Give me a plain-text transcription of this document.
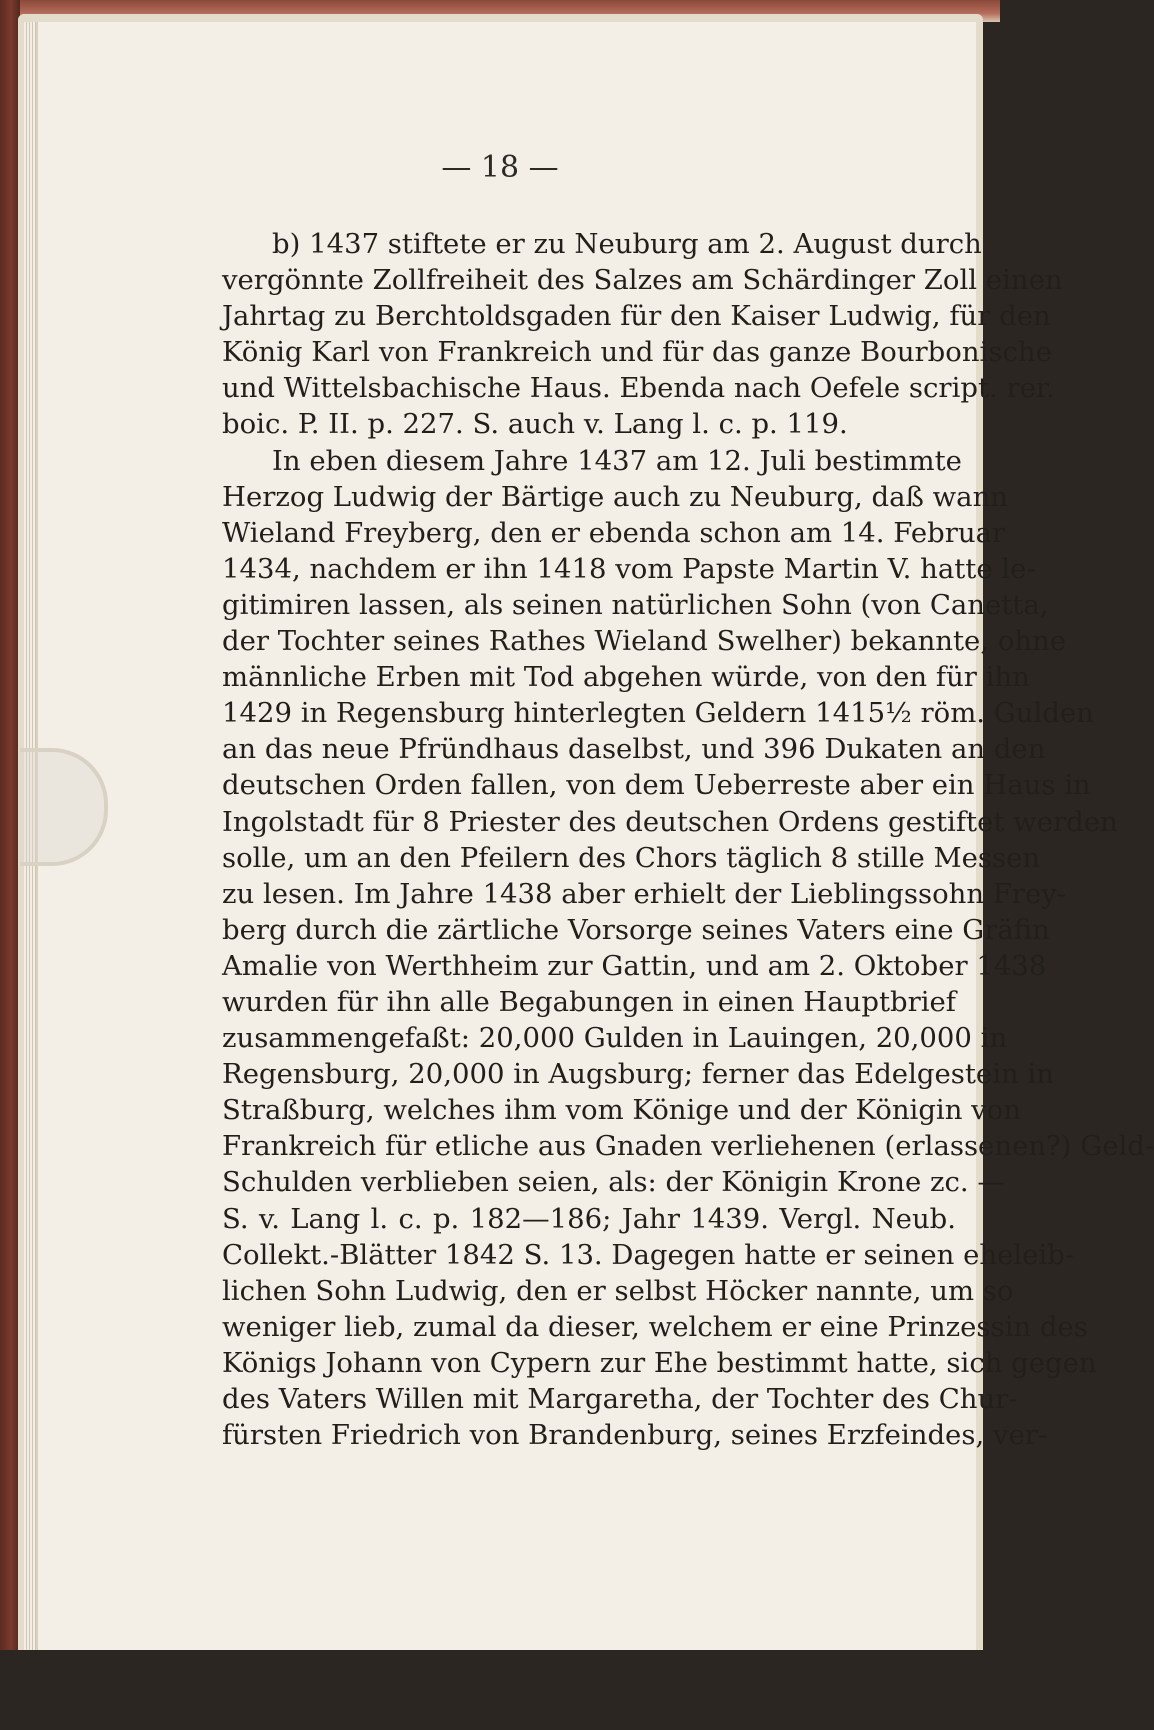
— 18 —
b) 1437 stiftete er zu Neuburg am 2. August durch
vergönnte Zollfreiheit des Salzes am Schärdinger Zoll einen
Jahrtag zu Berchtoldsgaden für den Kaiser Ludwig, für den
König Karl von Frankreich und für das ganze Bourbonische
und Wittelsbachische Haus. Ebenda nach Oefele script. rer.
boic. P. II. p. 227. S. auch v. Lang l. c. p. 119.
In eben diesem Jahre 1437 am 12. Juli bestimmte
Herzog Ludwig der Bärtige auch zu Neuburg, daß wann
Wieland Freyberg, den er ebenda schon am 14. Februar
1434, nachdem er ihn 1418 vom Papste Martin V. hatte le-
gitimiren lassen, als seinen natürlichen Sohn (von Canetta,
der Tochter seines Rathes Wieland Swelher) bekannte, ohne
männliche Erben mit Tod abgehen würde, von den für ihn
1429 in Regensburg hinterlegten Geldern 1415½ röm. Gulden
an das neue Pfründhaus daselbst, und 396 Dukaten an den
deutschen Orden fallen, von dem Ueberreste aber ein Haus in
Ingolstadt für 8 Priester des deutschen Ordens gestiftet werden
solle, um an den Pfeilern des Chors täglich 8 stille Messen
zu lesen. Im Jahre 1438 aber erhielt der Lieblingssohn Frey-
berg durch die zärtliche Vorsorge seines Vaters eine Gräfin
Amalie von Werthheim zur Gattin, und am 2. Oktober 1438
wurden für ihn alle Begabungen in einen Hauptbrief
zusammengefaßt: 20,000 Gulden in Lauingen, 20,000 in
Regensburg, 20,000 in Augsburg; ferner das Edelgestein in
Straßburg, welches ihm vom Könige und der Königin von
Frankreich für etliche aus Gnaden verliehenen (erlassenen?) Geld-
Schulden verblieben seien, als: der Königin Krone zc. —
S. v. Lang l. c. p. 182—186; Jahr 1439. Vergl. Neub.
Collekt.-Blätter 1842 S. 13. Dagegen hatte er seinen eheleib-
lichen Sohn Ludwig, den er selbst Höcker nannte, um so
weniger lieb, zumal da dieser, welchem er eine Prinzessin des
Königs Johann von Cypern zur Ehe bestimmt hatte, sich gegen
des Vaters Willen mit Margaretha, der Tochter des Chur-
fürsten Friedrich von Brandenburg, seines Erzfeindes, ver-
